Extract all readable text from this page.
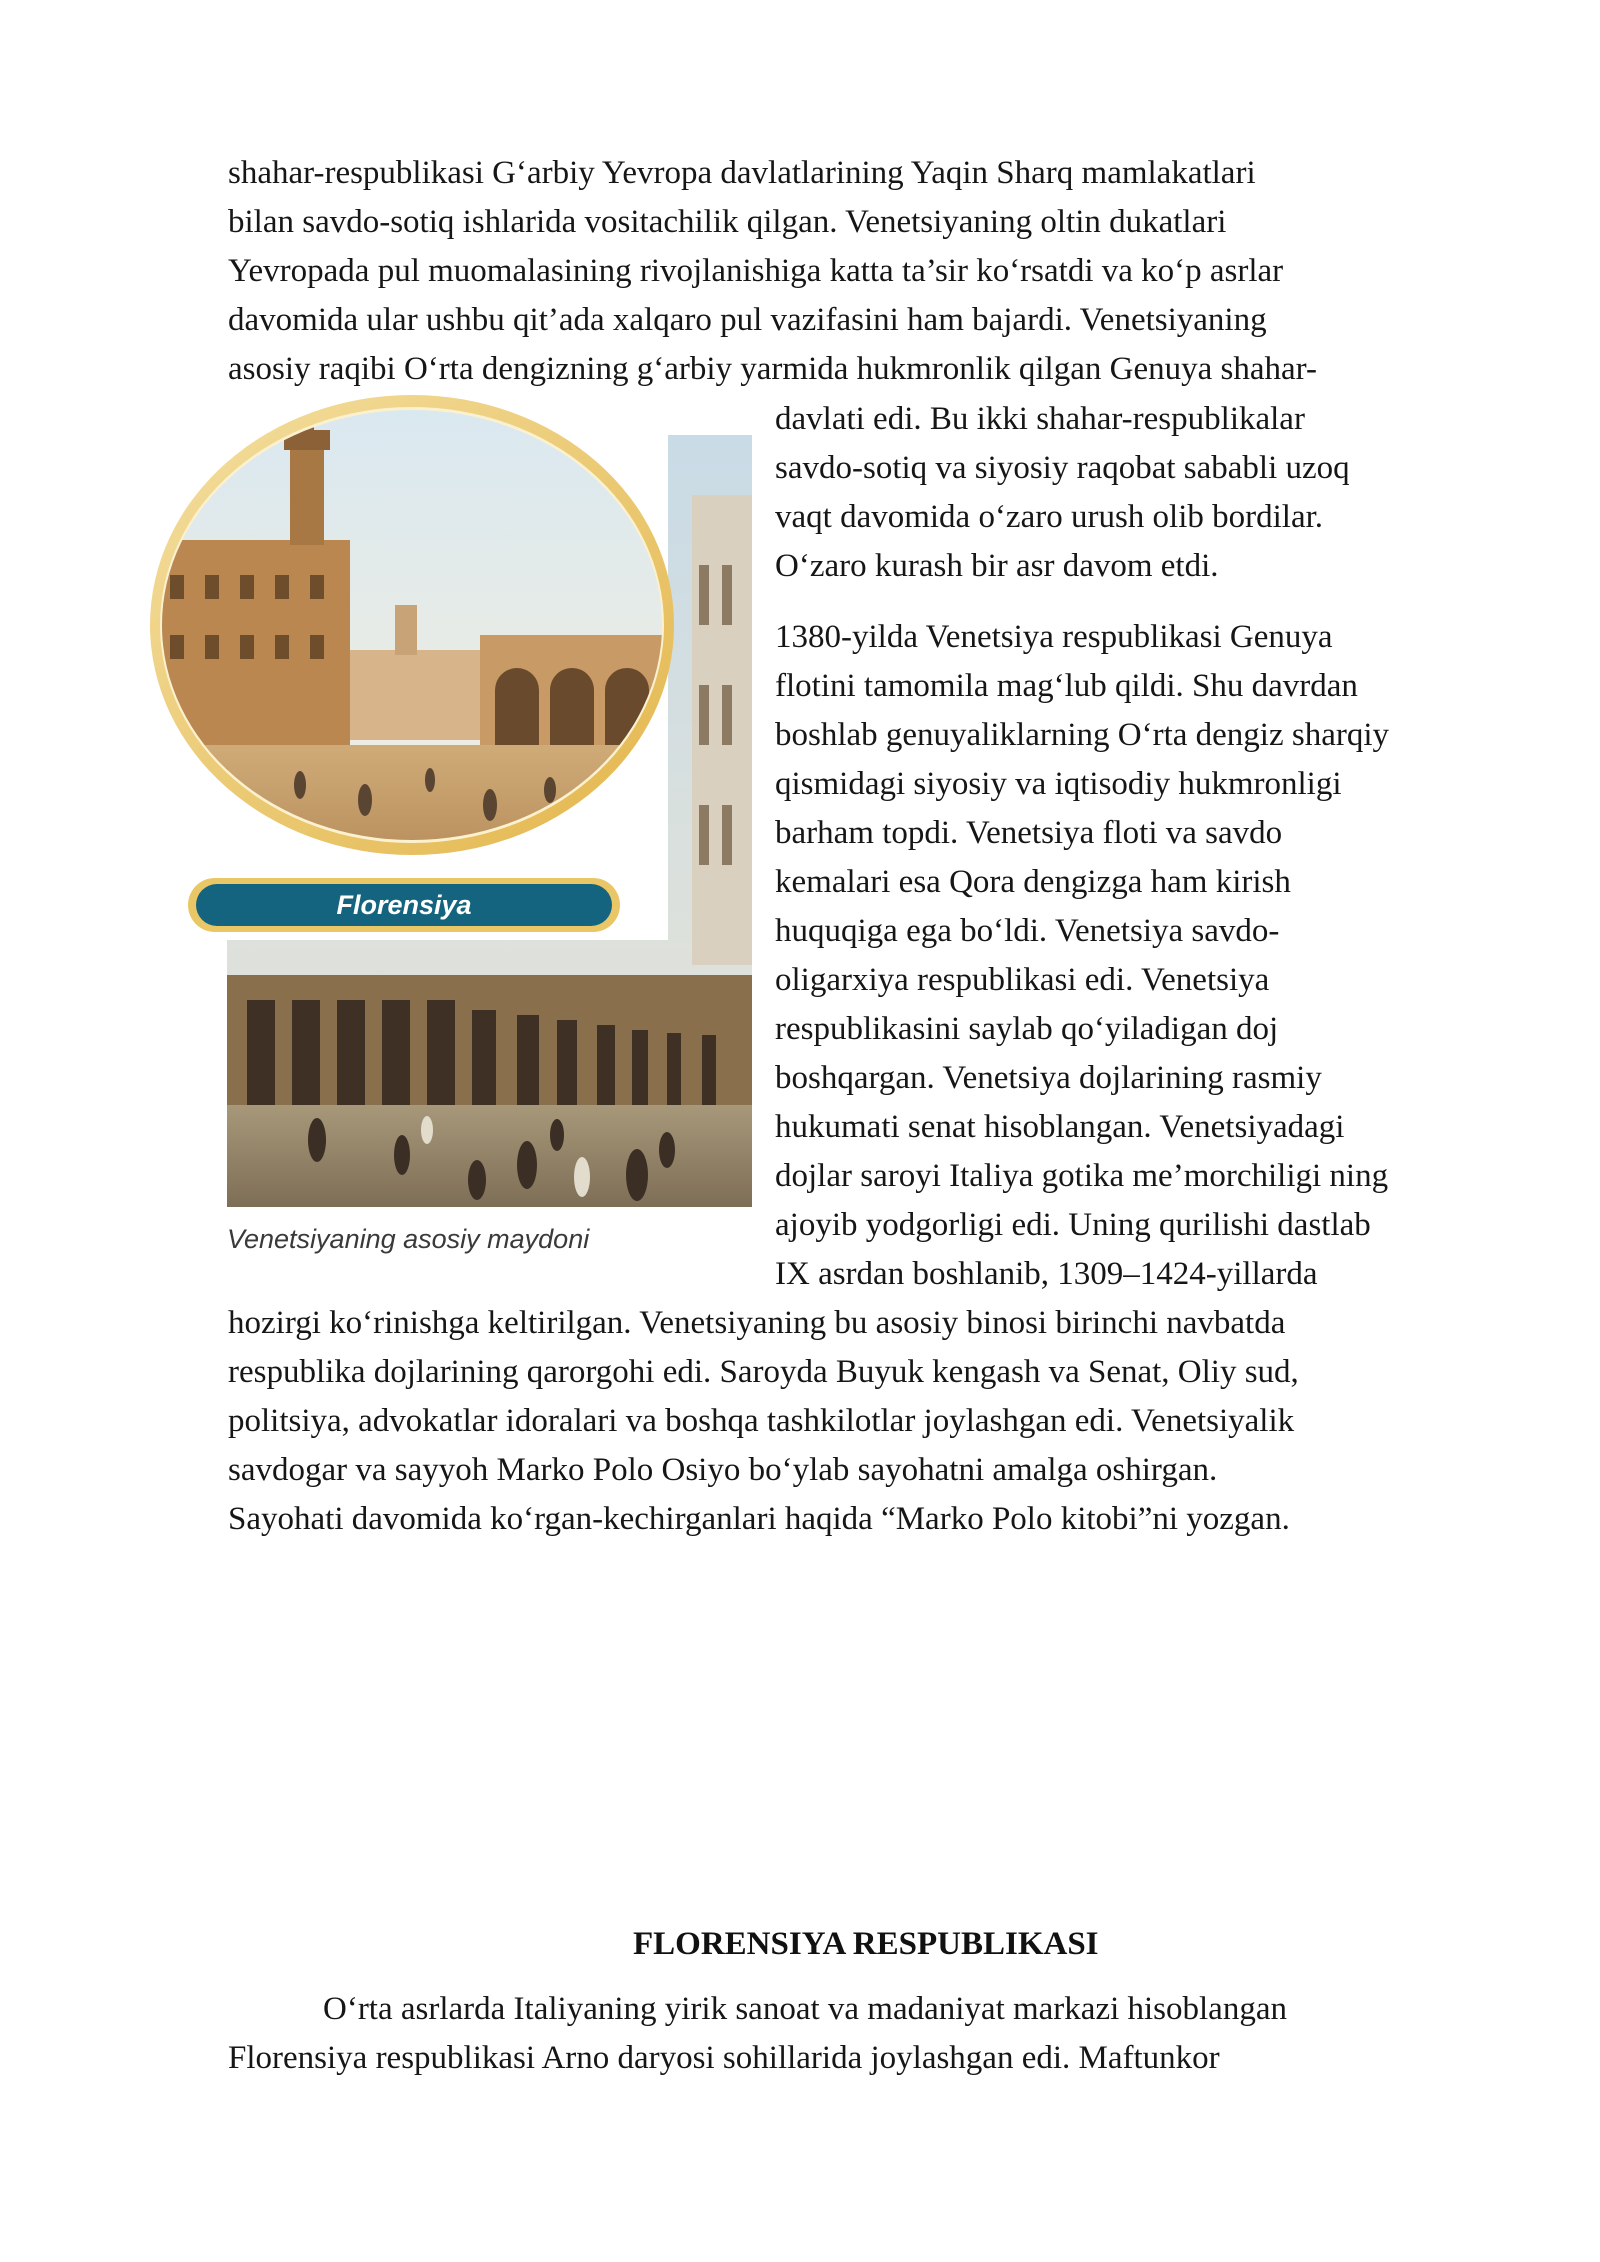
shahar-respublikasi G‘arbiy Yevropa davlatlarining Yaqin Sharq mamlakatlari
bilan savdo-sotiq ishlarida vositachilik qilgan. Venetsiyaning oltin dukatlari
Yevropada pul muomalasining rivojlanishiga katta ta’sir ko‘rsatdi va ko‘p asrlar
davomida ular ushbu qit’ada xalqaro pul vazifasini ham bajardi. Venetsiyaning
asosiy raqibi O‘rta dengizning g‘arbiy yarmida hukmronlik qilgan Genuya shahar-
davlati edi. Bu ikki shahar-respublikalar
savdo-sotiq va siyosiy raqobat sababli uzoq
vaqt davomida o‘zaro urush olib bordilar.
O‘zaro kurash bir asr davom etdi.
1380-yilda Venetsiya respublikasi Genuya
flotini tamomila mag‘lub qildi. Shu davrdan
boshlab genuyaliklarning O‘rta dengiz sharqiy
qismidagi siyosiy va iqtisodiy hukmronligi
barham topdi. Venetsiya floti va savdo
kemalari esa Qora dengizga ham kirish
huquqiga ega bo‘ldi. Venetsiya savdo-
oligarxiya respublikasi edi. Venetsiya
respublikasini saylab qo‘yiladigan doj
boshqargan. Venetsiya dojlarining rasmiy
hukumati senat hisoblangan. Venetsiyadagi
dojlar saroyi Italiya gotika me’morchiligi ning
ajoyib yodgorligi edi. Uning qurilishi dastlab
IX asrdan boshlanib, 1309–1424-yillarda
hozirgi ko‘rinishga keltirilgan. Venetsiyaning bu asosiy binosi birinchi navbatda
respublika dojlarining qarorgohi edi. Saroyda Buyuk kengash va Senat, Oliy sud,
politsiya, advokatlar idoralari va boshqa tashkilotlar joylashgan edi. Venetsiyalik
savdogar va sayyoh Marko Polo Osiyo bo‘ylab sayohatni amalga oshirgan.
Sayohati davomida ko‘rgan-kechirganlari haqida “Marko Polo kitobi”ni yozgan.
Florensiya
Venetsiyaning asosiy maydoni
FLORENSIYA RESPUBLIKASI
O‘rta asrlarda Italiyaning yirik sanoat va madaniyat markazi hisoblangan
Florensiya respublikasi Arno daryosi sohillarida joylashgan edi. Maftunkor
